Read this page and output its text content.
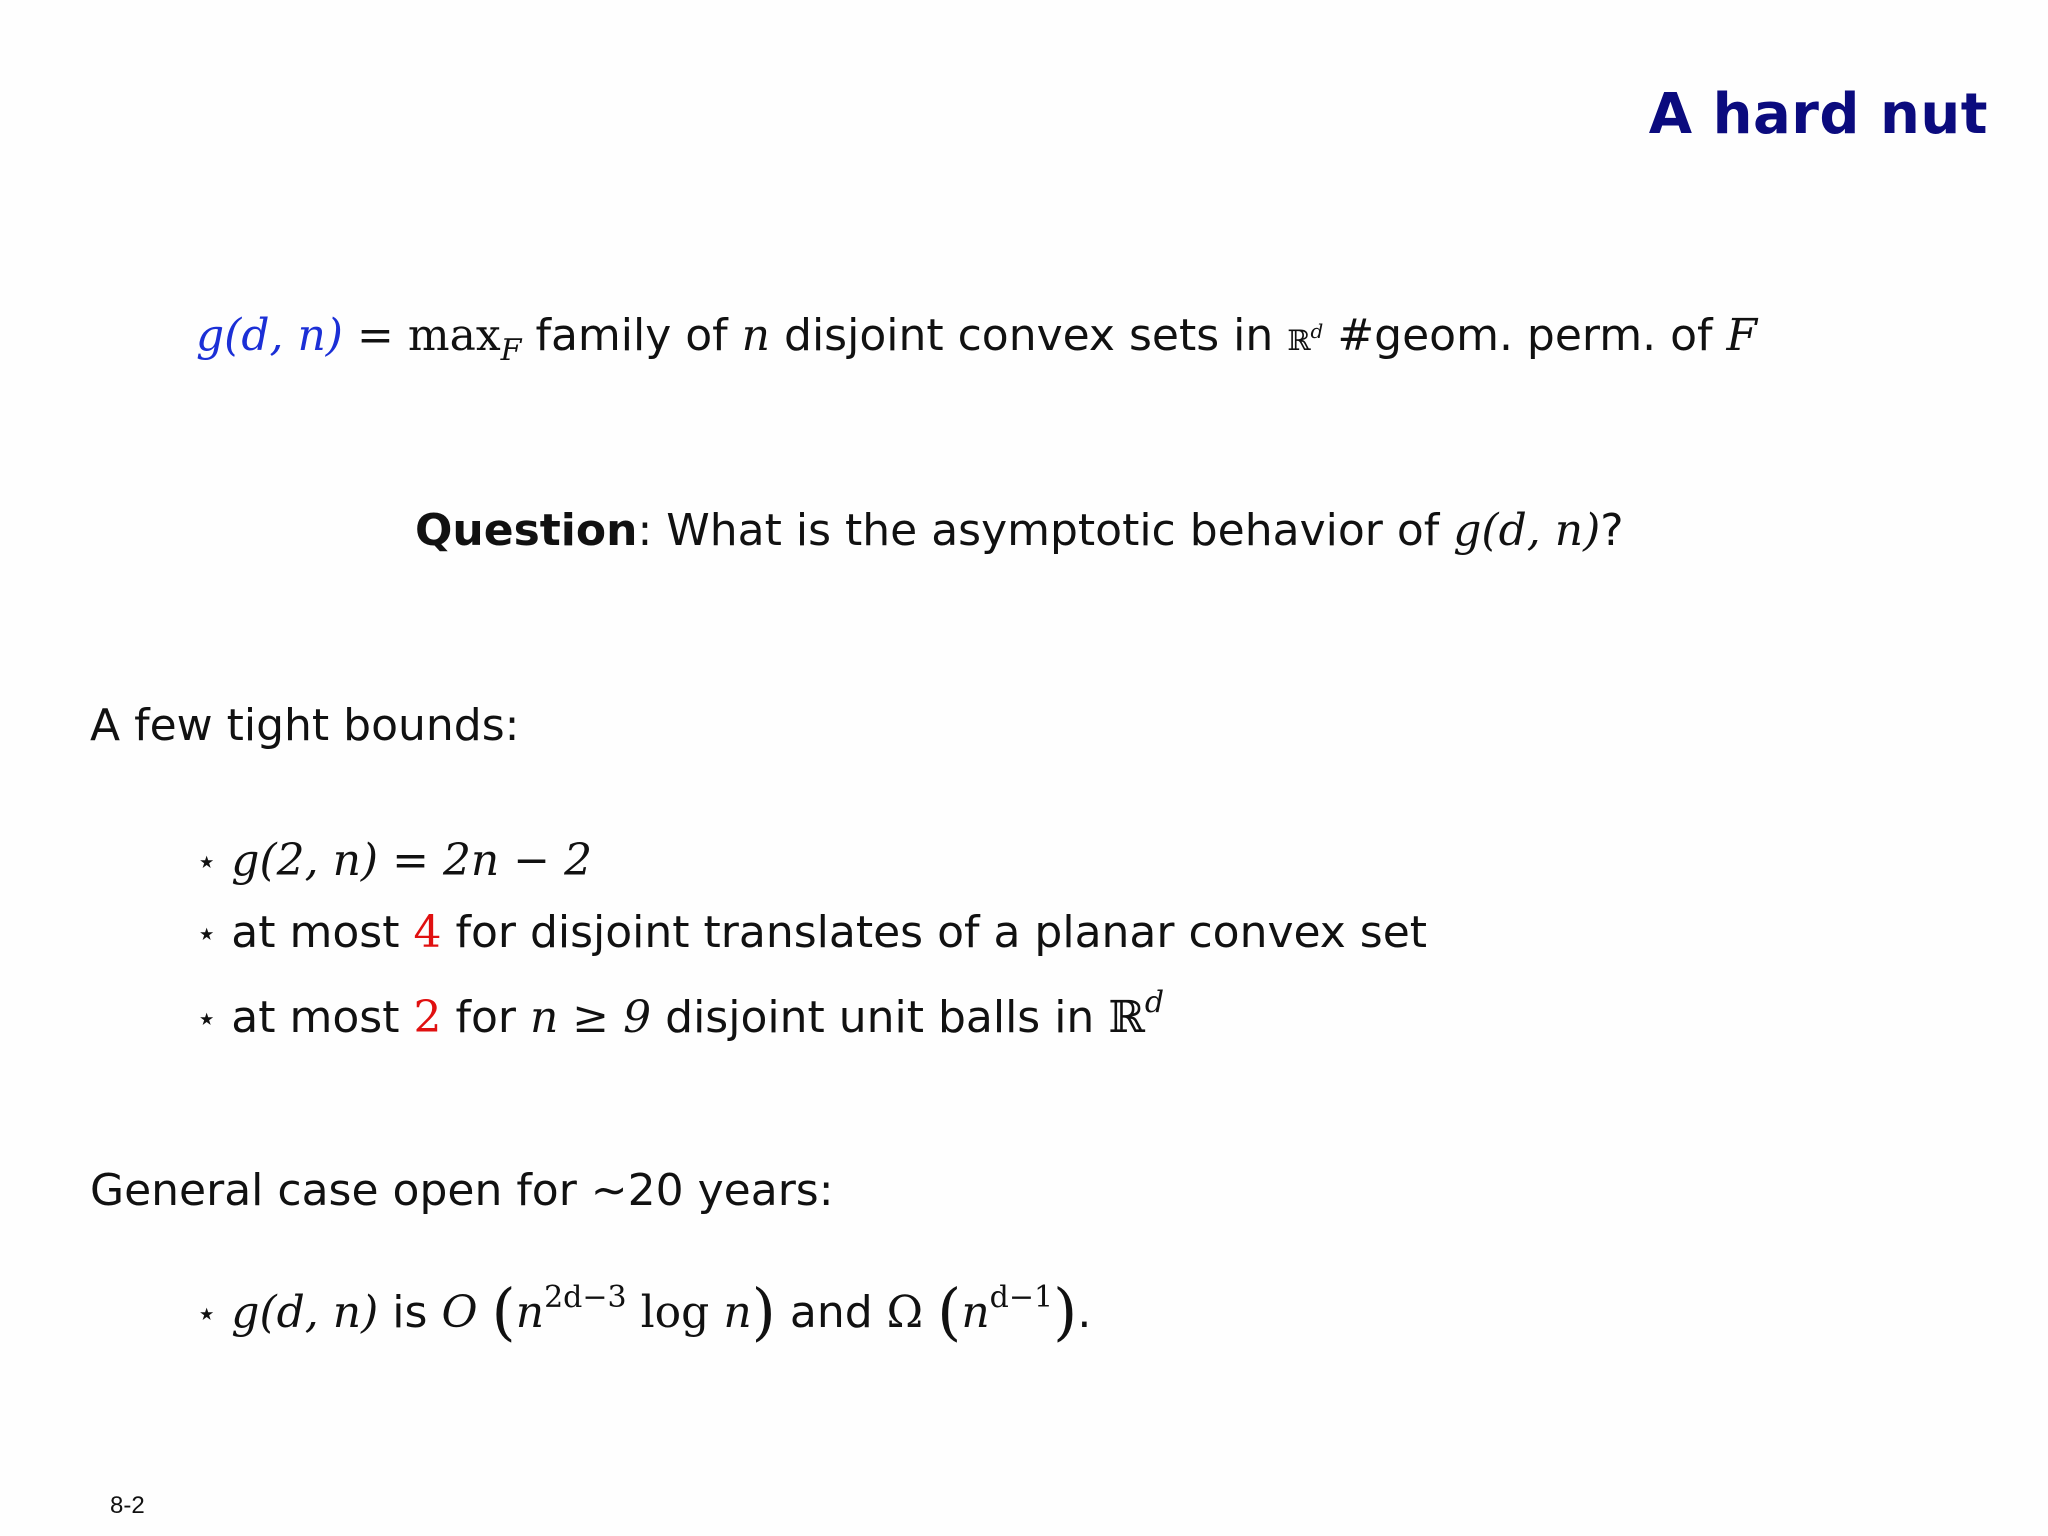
A hard nut
g(d, $n) = \max_F$ family of n disjoint convex sets in ℝ$^d$ #geom. perm. of F
Question: What is the asymptotic behavior of g(d, n)?
A few tight bounds:
⋆ g(2, n) = 2n − 2
⋆ at most 4 for disjoint translates of a planar convex set
⋆ at most 2 for n ≥ 9 disjoint unit balls in ℝ$^d$
General case open for ∼20 years:
⋆ g(d, n) is O ($n^{2d-3}$ log n) and Ω $(n^{d-1})$.
8-2
